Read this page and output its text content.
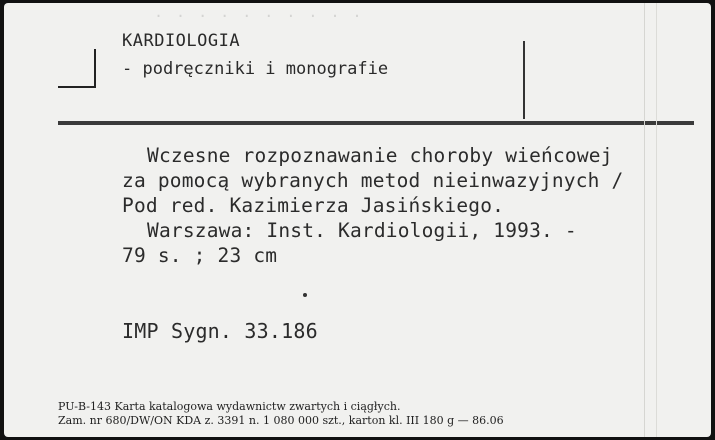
· · · · · · · · · ·
KARDIOLOGIA
- podręczniki i monografie
Wczesne rozpoznawanie choroby wieńcowej
za pomocą wybranych metod nieinwazyjnych /
Pod red. Kazimierza Jasińskiego.
Warszawa: Inst. Kardiologii, 1993. -
79 s. ; 23 cm
IMP Sygn. 33.186
PU-B-143 Karta katalogowa wydawnictw zwartych i ciągłych.
Zam. nr 680/DW/ON KDA z. 3391 n. 1 080 000 szt., karton kl. III 180 g — 86.06
